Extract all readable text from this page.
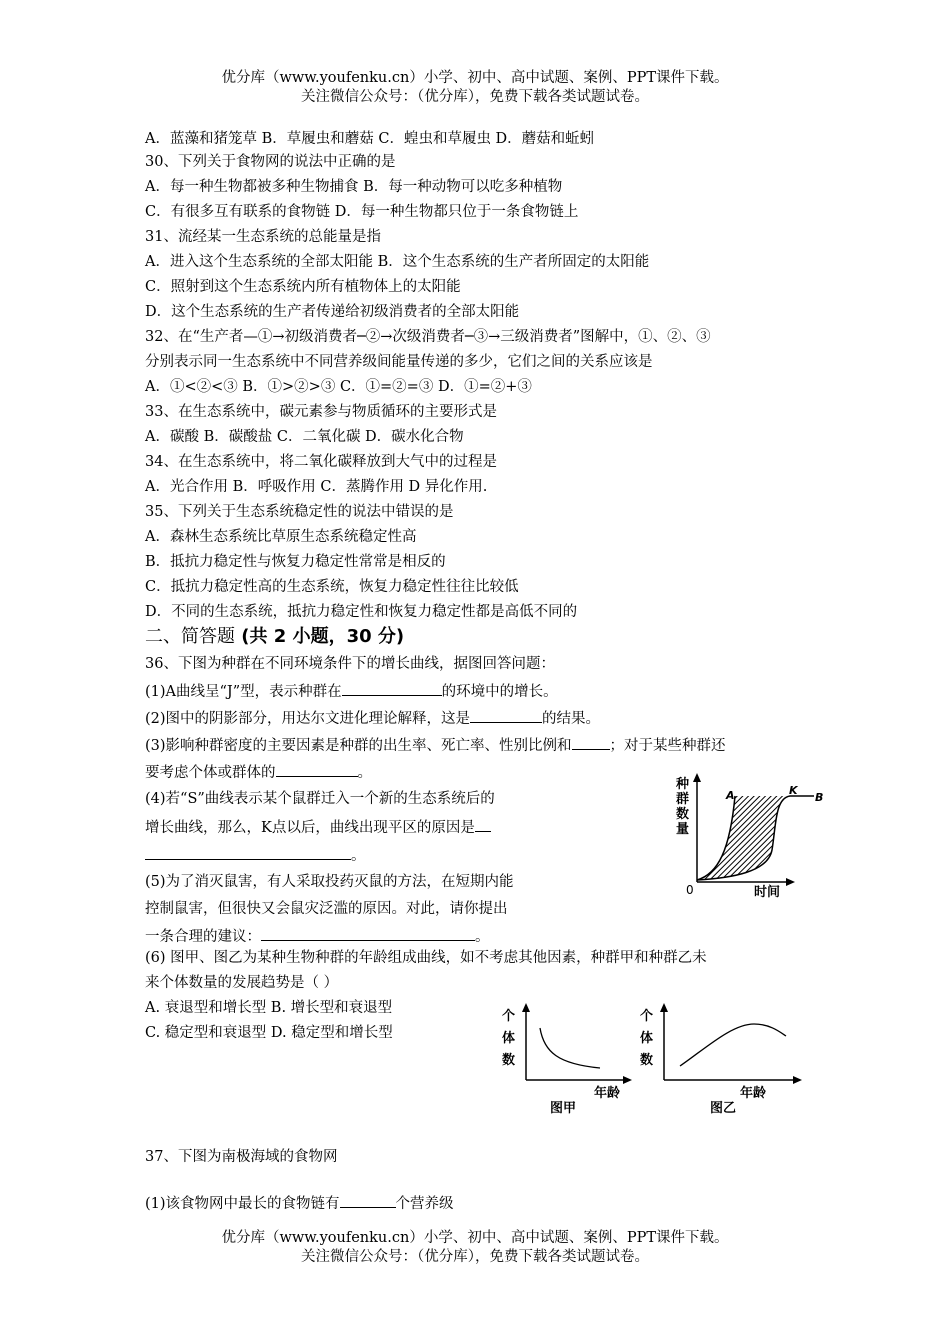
优分库（www.youfenku.cn）小学、初中、高中试题、案例、PPT课件下载。
关注微信公众号：（优分库），免费下载各类试题试卷。
A．蓝藻和猪笼草 B．草履虫和蘑菇 C．蝗虫和草履虫 D．蘑菇和蚯蚓
30、下列关于食物网的说法中正确的是
A．每一种生物都被多种生物捕食 B．每一种动物可以吃多种植物
C．有很多互有联系的食物链 D．每一种生物都只位于一条食物链上
31、流经某一生态系统的总能量是指
A．进入这个生态系统的全部太阳能 B．这个生态系统的生产者所固定的太阳能
C．照射到这个生态系统内所有植物体上的太阳能
D．这个生态系统的生产者传递给初级消费者的全部太阳能
32、在“生产者—①→初级消费者─②→次级消费者─③→三级消费者”图解中，①、②、③
分别表示同一生态系统中不同营养级间能量传递的多少，它们之间的关系应该是
A．①<②<③ B．①>②>③ C．①=②=③ D．①=②+③
33、在生态系统中，碳元素参与物质循环的主要形式是
A．碳酸 B．碳酸盐 C．二氧化碳 D．碳水化合物
34、在生态系统中，将二氧化碳释放到大气中的过程是
A．光合作用 B．呼吸作用 C．蒸腾作用 D 异化作用.
35、下列关于生态系统稳定性的说法中错误的是
A．森林生态系统比草原生态系统稳定性高
B．抵抗力稳定性与恢复力稳定性常常是相反的
C．抵抗力稳定性高的生态系统，恢复力稳定性往往比较低
D．不同的生态系统，抵抗力稳定性和恢复力稳定性都是高低不同的
二、简答题 (共 2 小题，30 分)
36、下图为种群在不同环境条件下的增长曲线，据图回答问题：
(1)A曲线呈“J”型，表示种群在	的环境中的增长。
(2)图中的阴影部分，用达尔文进化理论解释，这是	的结果。
(3)影响种群密度的主要因素是种群的出生率、死亡率、性别比例和	；对于某些种群还
要考虑个体或群体的	。
(4)若“S”曲线表示某个鼠群迁入一个新的生态系统后的
增长曲线，那么，K点以后，曲线出现平区的原因是
。
(5)为了消灭鼠害，有人采取投药灭鼠的方法，在短期内能
控制鼠害，但很快又会鼠灾泛滥的原因。对此，请你提出
一条合理的建议：	。
(6) 图甲、图乙为某种生物种群的年龄组成曲线，如不考虑其他因素，种群甲和种群乙未
来个体数量的发展趋势是（ ）
A. 衰退型和增长型 B. 增长型和衰退型
C. 稳定型和衰退型 D. 稳定型和增长型
种
群
数
量
0	时间
A	K
B
个
体
数
年龄
图甲
个
体
数
年龄
图乙
37、下图为南极海域的食物网
(1)该食物网中最长的食物链有	个营养级
优分库（www.youfenku.cn）小学、初中、高中试题、案例、PPT课件下载。
关注微信公众号：（优分库），免费下载各类试题试卷。
